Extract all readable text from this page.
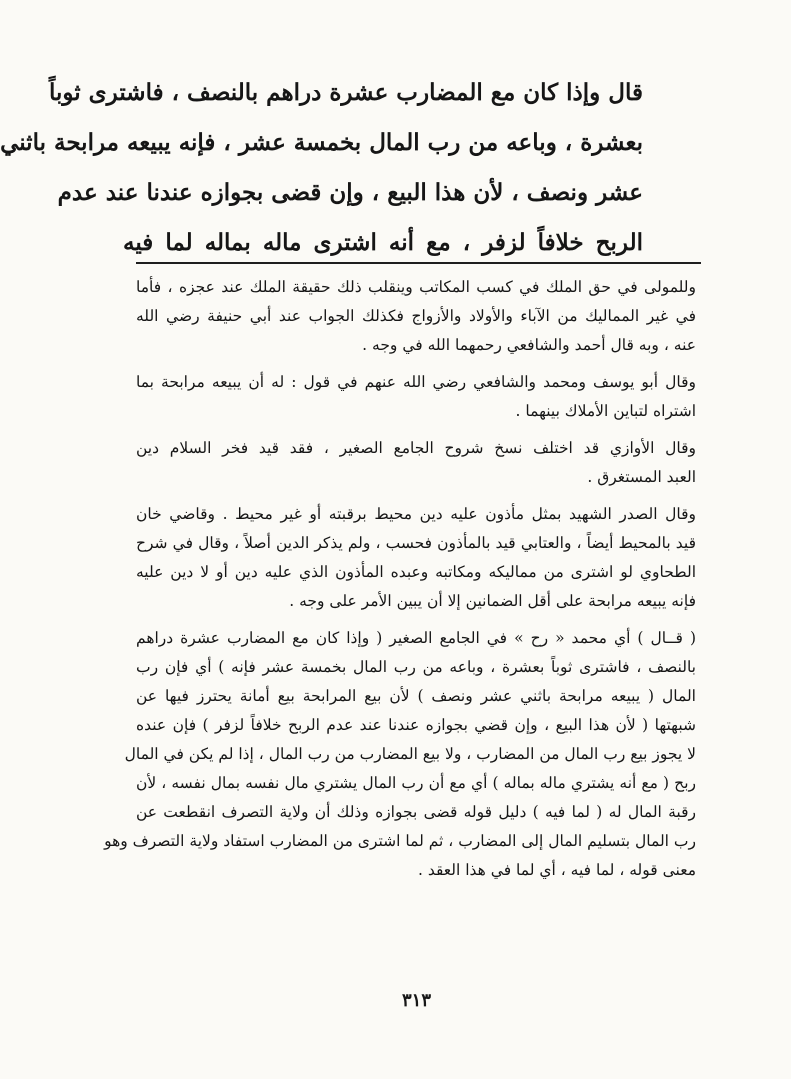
قال وإذا كان مع المضارب عشرة دراهم بالنصف ، فاشترى ثوباً
بعشرة ، وباعه من رب المال بخمسة عشر ، فإنه يبيعه مرابحة باثني
عشر ونصف ، لأن هذا البيع ، وإن قضى بجوازه عندنا عند عدم
الربح خلافاً لزفر ، مع أنه اشترى ماله بماله لما فيه
وللمولى في حق الملك في كسب المكاتب وينقلب ذلك حقيقة الملك عند عجزه ، فأما
في غير المماليك من الآباء والأولاد والأزواج فكذلك الجواب عند أبي حنيفة رضي الله
عنه ، وبه قال أحمد والشافعي رحمهما الله في وجه .
وقال أبو يوسف ومحمد والشافعي رضي الله عنهم في قول : له أن يبيعه مرابحة بما
اشتراه لتباين الأملاك بينهما .
وقال الأوازي قد اختلف نسخ شروح الجامع الصغير ، فقد قيد فخر السلام دين
العبد المستغرق .
وقال الصدر الشهيد بمثل مأذون عليه دين محيط برقبته أو غير محيط . وقاضي خان
قيد بالمحيط أيضاً ، والعتابي قيد بالمأذون فحسب ، ولم يذكر الدين أصلاً ، وقال في شرح
الطحاوي لو اشترى من مماليكه ومكاتبه وعبده المأذون الذي عليه دين أو لا دين عليه
فإنه يبيعه مرابحة على أقل الضمانين إلا أن يبين الأمر على وجه .
( قــال ) أي محمد « رح » في الجامع الصغير ( وإذا كان مع المضارب عشرة دراهم
بالنصف ، فاشترى ثوباً بعشرة ، وباعه من رب المال بخمسة عشر فإنه ) أي فإن رب
المال ( يبيعه مرابحة باثني عشر ونصف ) لأن بيع المرابحة بيع أمانة يحترز فيها عن
شبهتها ( لأن هذا البيع ، وإن قضي بجوازه عندنا عند عدم الربح خلافاً لزفر ) فإن عنده
لا يجوز بيع رب المال من المضارب ، ولا بيع المضارب من رب المال ، إذا لم يكن في المال
ربح ( مع أنه يشتري ماله بماله ) أي مع أن رب المال يشتري مال نفسه بمال نفسه ، لأن
رقبة المال له ( لما فيه ) دليل قوله قضى بجوازه وذلك أن ولاية التصرف انقطعت عن
رب المال بتسليم المال إلى المضارب ، ثم لما اشترى من المضارب استفاد ولاية التصرف وهو
معنى قوله ، لما فيه ، أي لما في هذا العقد .
٣١٣
